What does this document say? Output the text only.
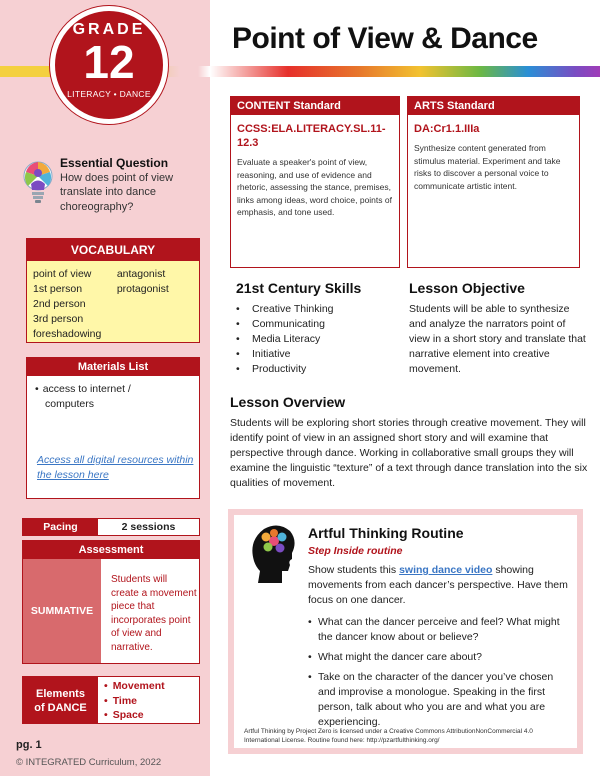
GRADE
12
LITERACY • DANCE
Point of View & Dance
Essential Question
How does point of view translate into dance choreography?
VOCABULARY
point of view
1st person
2nd person
3rd person
foreshadowing
antagonist
protagonist
Materials List
• access to internet /
computers
Access all digital resources within the lesson here
Pacing	2 sessions
Assessment
SUMMATIVE
Students will create a movement piece that incorporates point of view and narrative.
Elements
of DANCE
• Movement
• Time
• Space
pg. 1
© INTEGRATED Curriculum, 2022
CONTENT Standard
CCSS:ELA.LITERACY.SL.11-12.3
Evaluate a speaker's point of view, reasoning, and use of evidence and rhetoric, assessing the stance, premises, links among ideas, word choice, points of emphasis, and tone used.
ARTS Standard
DA:Cr1.1.IIIa
Synthesize content generated from stimulus material. Experiment and take risks to discover a personal voice to communicate artistic intent.
21st Century Skills
• Creative Thinking
• Communicating
• Media Literacy
• Initiative
• Productivity
Lesson Objective
Students will be able to synthesize and analyze the narrators point of view in a short story and translate that narrative element into creative movement.
Lesson Overview
Students will be exploring short stories through creative movement. They will identify point of view in an assigned short story and will examine that perspective through dance. Working in collaborative small groups they will examine the linguistic “texture” of a text through dance translation into the six qualities of movement.
Artful Thinking Routine
Step Inside routine
Show students this swing dance video showing movements from each dancer’s perspective. Have them focus on one dancer.
• What can the dancer perceive and feel? What might the dancer know about or believe?
• What might the dancer care about?
• Take on the character of the dancer you’ve chosen and improvise a monologue. Speaking in the first person, talk about who you are and what you are experiencing.
Artful Thinking by Project Zero is licensed under a Creative Commons AttributionNonCommercial 4.0 International License. Routine found here: http://pzartfulthinking.org/
